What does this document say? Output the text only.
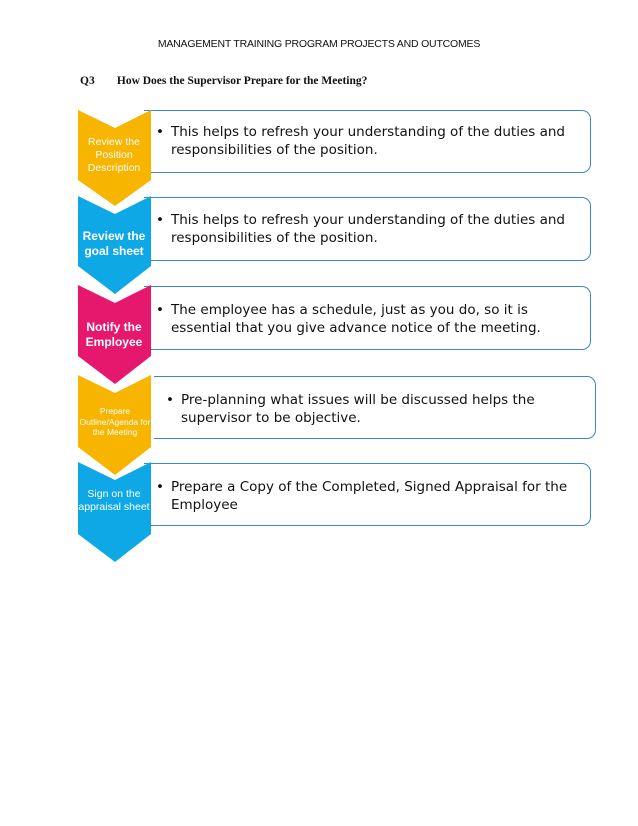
MANAGEMENT TRAINING PROGRAM PROJECTS AND OUTCOMES
Q3 How Does the Supervisor Prepare for the Meeting?
• This helps to refresh your understanding of the duties and responsibilities of the position.
Review the Position Description
• This helps to refresh your understanding of the duties and responsibilities of the position.
Review the goal sheet
• The employee has a schedule, just as you do, so it is essential that you give advance notice of the meeting.
Notify the Employee
• Pre-planning what issues will be discussed helps the supervisor to be objective.
Prepare Outline/Agenda for the Meeting
• Prepare a Copy of the Completed, Signed Appraisal for the Employee
Sign on the appraisal sheet
